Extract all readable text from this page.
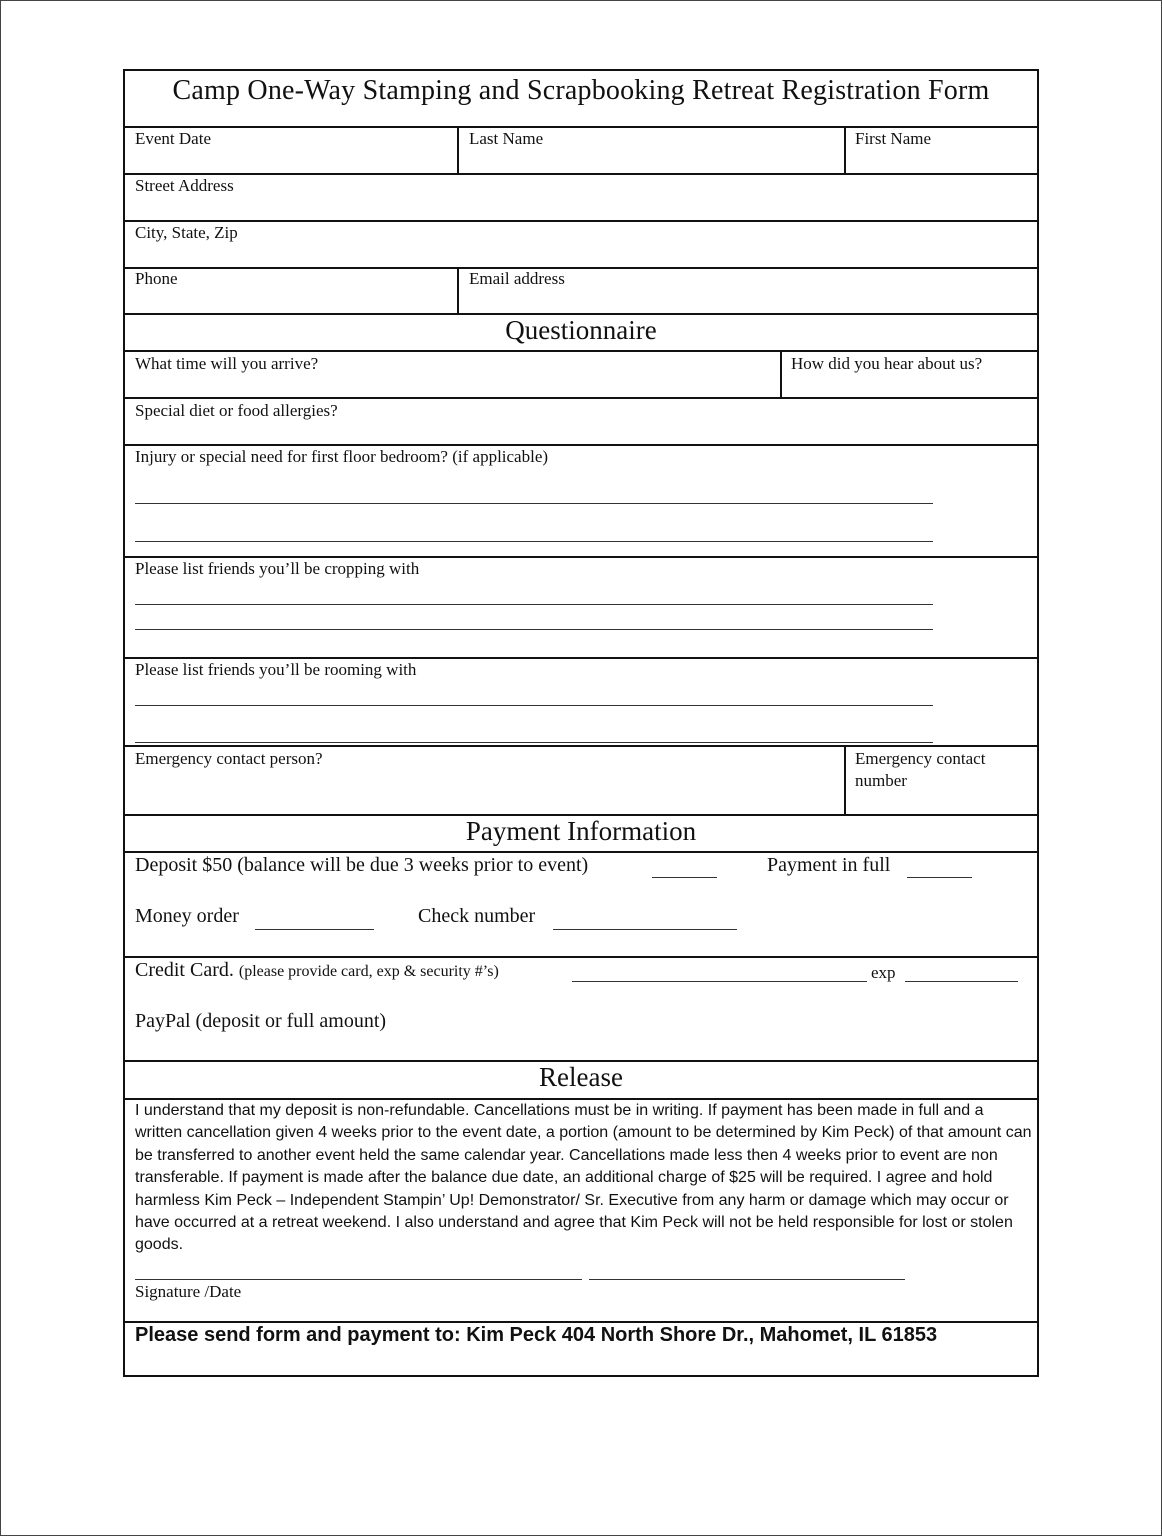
Camp One-Way Stamping and Scrapbooking Retreat Registration Form
Event Date	Last Name	First Name
Street Address
City, State, Zip
Phone	Email address
Questionnaire
What time will you arrive?	How did you hear about us?
Special diet or food allergies?
Injury or special need for first floor bedroom? (if applicable)
Please list friends you’ll be cropping with
Please list friends you’ll be rooming with
Emergency contact person?	Emergency contact number
Payment Information
Deposit $50 (balance will be due 3 weeks prior to event)	Payment in full
Money order	Check number
Credit Card. (please provide card, exp & security #’s)	exp
PayPal (deposit or full amount)
Release
I understand that my deposit is non-refundable. Cancellations must be in writing. If payment has been made in full and a written cancellation given 4 weeks prior to the event date, a portion (amount to be determined by Kim Peck) of that amount can be transferred to another event held the same calendar year. Cancellations made less then 4 weeks prior to event are non transferable. If payment is made after the balance due date, an additional charge of $25 will be required. I agree and hold harmless Kim Peck – Independent Stampin’ Up! Demonstrator/ Sr. Executive from any harm or damage which may occur or have occurred at a retreat weekend. I also understand and agree that Kim Peck will not be held responsible for lost or stolen goods.
Signature /Date
Please send form and payment to: Kim Peck 404 North Shore Dr., Mahomet, IL 61853
